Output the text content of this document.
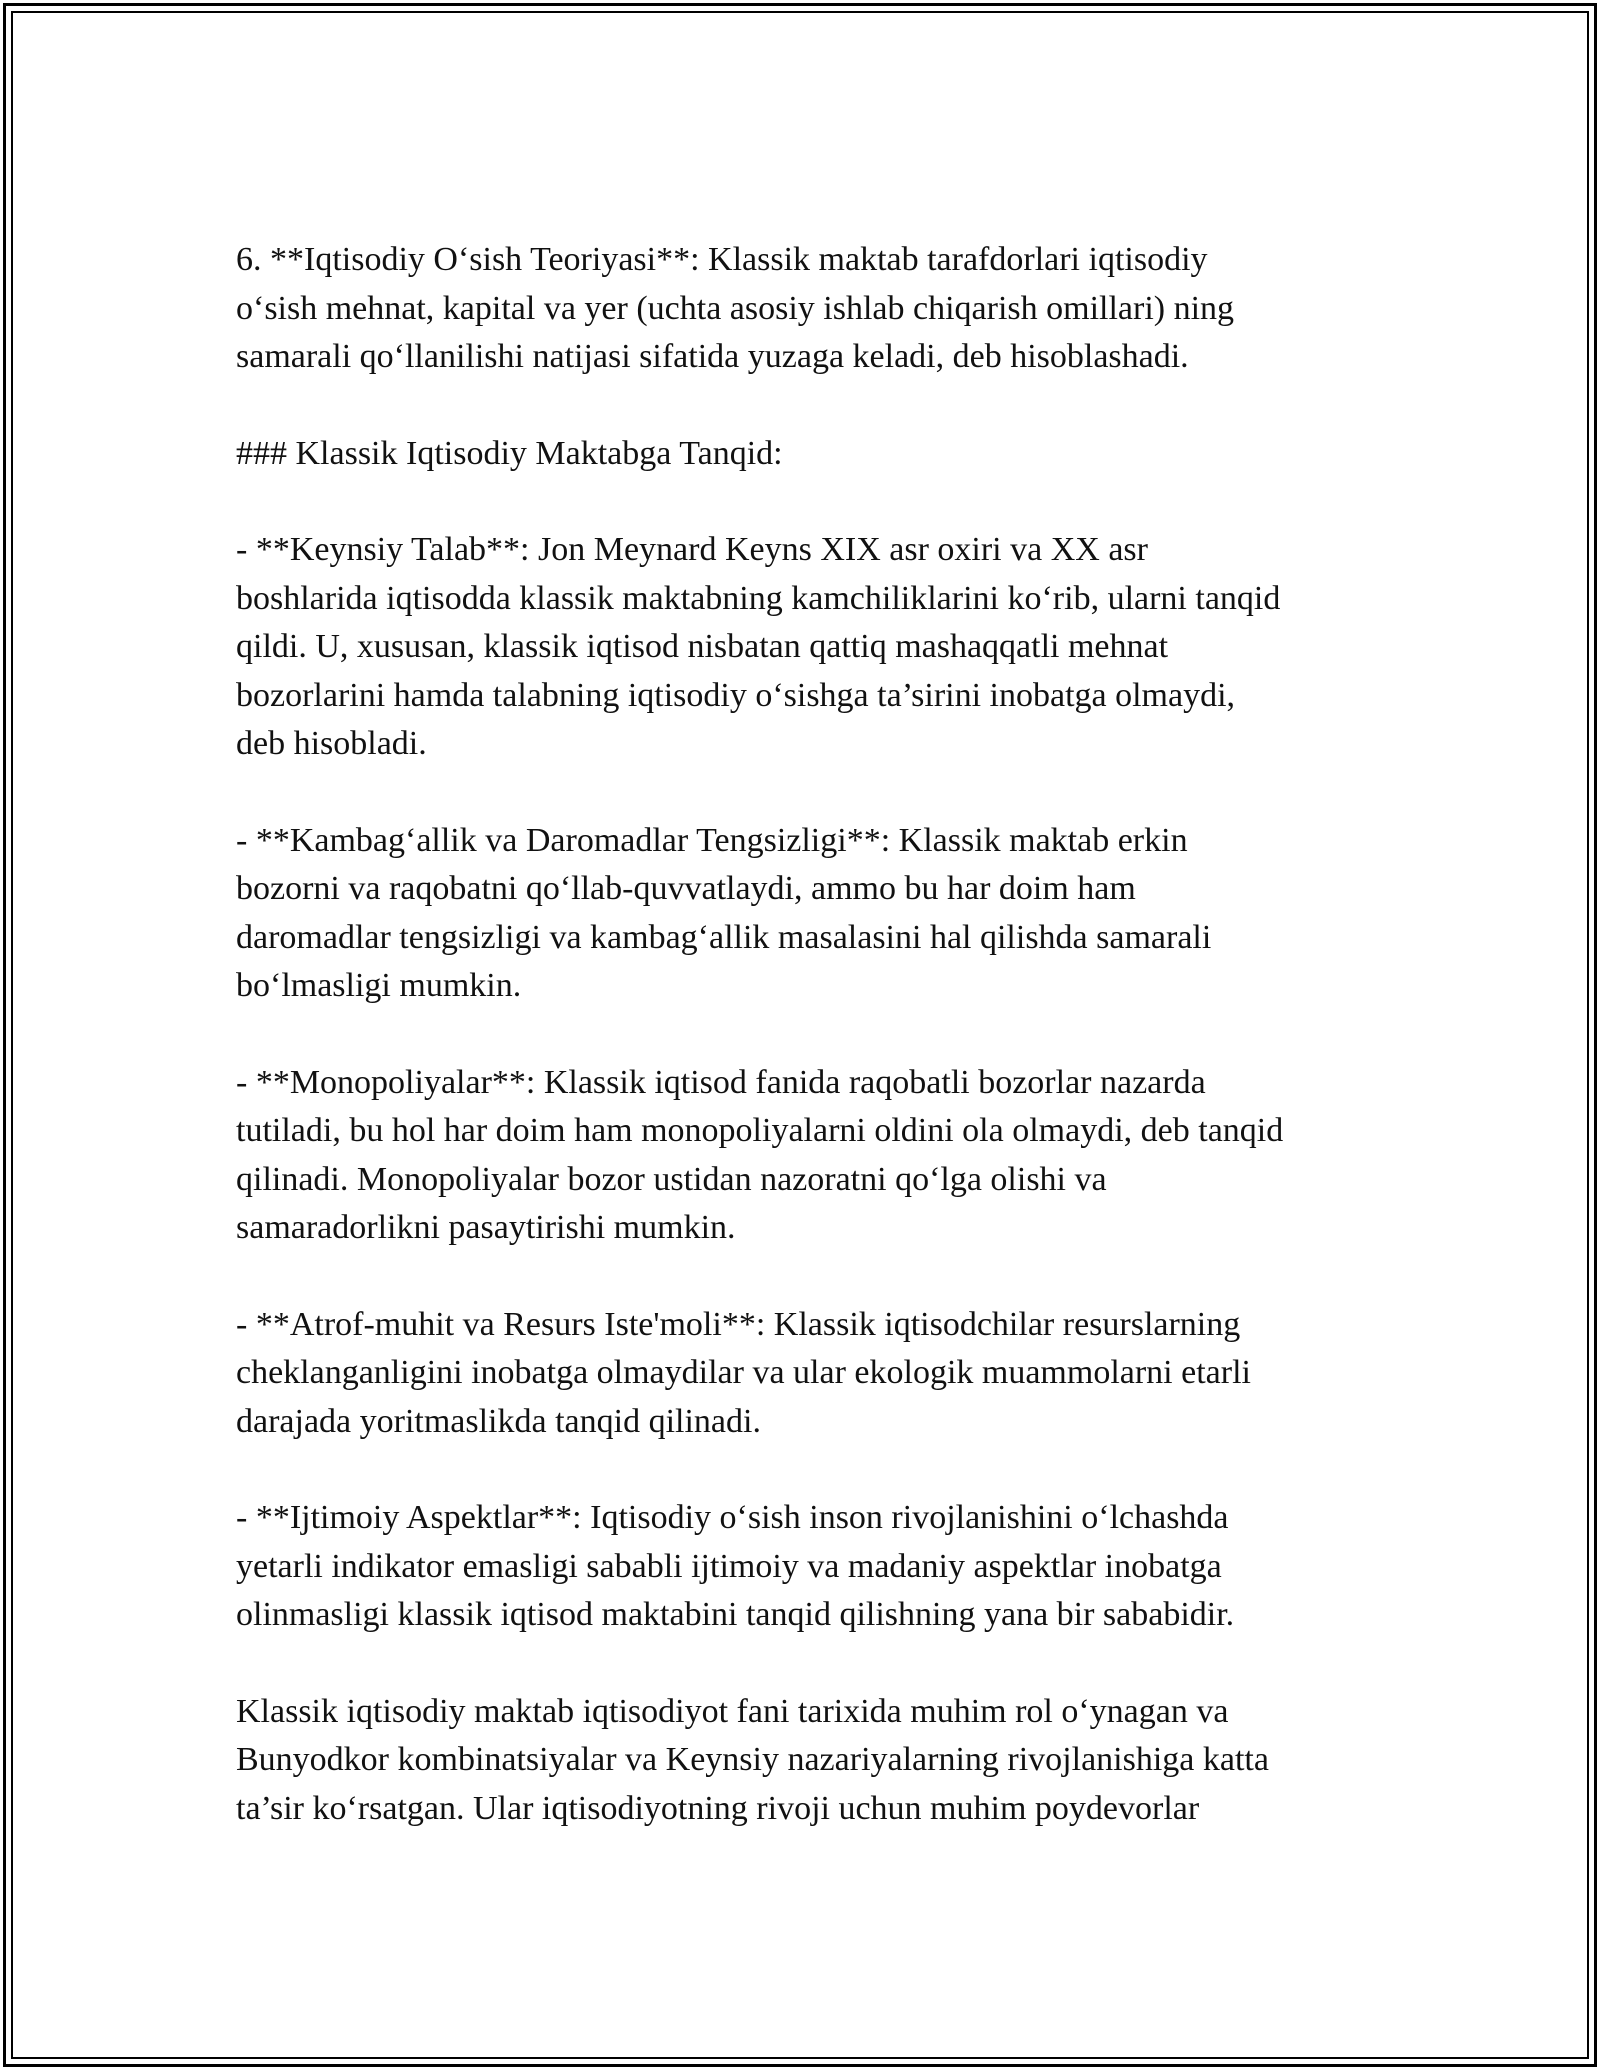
6. **Iqtisodiy O‘sish Teoriyasi**: Klassik maktab tarafdorlari iqtisodiy
o‘sish mehnat, kapital va yer (uchta asosiy ishlab chiqarish omillari) ning
samarali qo‘llanilishi natijasi sifatida yuzaga keladi, deb hisoblashadi.

### Klassik Iqtisodiy Maktabga Tanqid:

- **Keynsiy Talab**: Jon Meynard Keyns XIX asr oxiri va XX asr
boshlarida iqtisodda klassik maktabning kamchiliklarini ko‘rib, ularni tanqid
qildi. U, xususan, klassik iqtisod nisbatan qattiq mashaqqatli mehnat
bozorlarini hamda talabning iqtisodiy o‘sishga ta’sirini inobatga olmaydi,
deb hisobladi.

- **Kambag‘allik va Daromadlar Tengsizligi**: Klassik maktab erkin
bozorni va raqobatni qo‘llab-quvvatlaydi, ammo bu har doim ham
daromadlar tengsizligi va kambag‘allik masalasini hal qilishda samarali
bo‘lmasligi mumkin.

- **Monopoliyalar**: Klassik iqtisod fanida raqobatli bozorlar nazarda
tutiladi, bu hol har doim ham monopoliyalarni oldini ola olmaydi, deb tanqid
qilinadi. Monopoliyalar bozor ustidan nazoratni qo‘lga olishi va
samaradorlikni pasaytirishi mumkin.

- **Atrof-muhit va Resurs Iste'moli**: Klassik iqtisodchilar resurslarning
cheklanganligini inobatga olmaydilar va ular ekologik muammolarni etarli
darajada yoritmaslikda tanqid qilinadi.

- **Ijtimoiy Aspektlar**: Iqtisodiy o‘sish inson rivojlanishini o‘lchashda
yetarli indikator emasligi sababli ijtimoiy va madaniy aspektlar inobatga
olinmasligi klassik iqtisod maktabini tanqid qilishning yana bir sababidir.

Klassik iqtisodiy maktab iqtisodiyot fani tarixida muhim rol o‘ynagan va
Bunyodkor kombinatsiyalar va Keynsiy nazariyalarning rivojlanishiga katta
ta’sir ko‘rsatgan. Ular iqtisodiyotning rivoji uchun muhim poydevorlar
